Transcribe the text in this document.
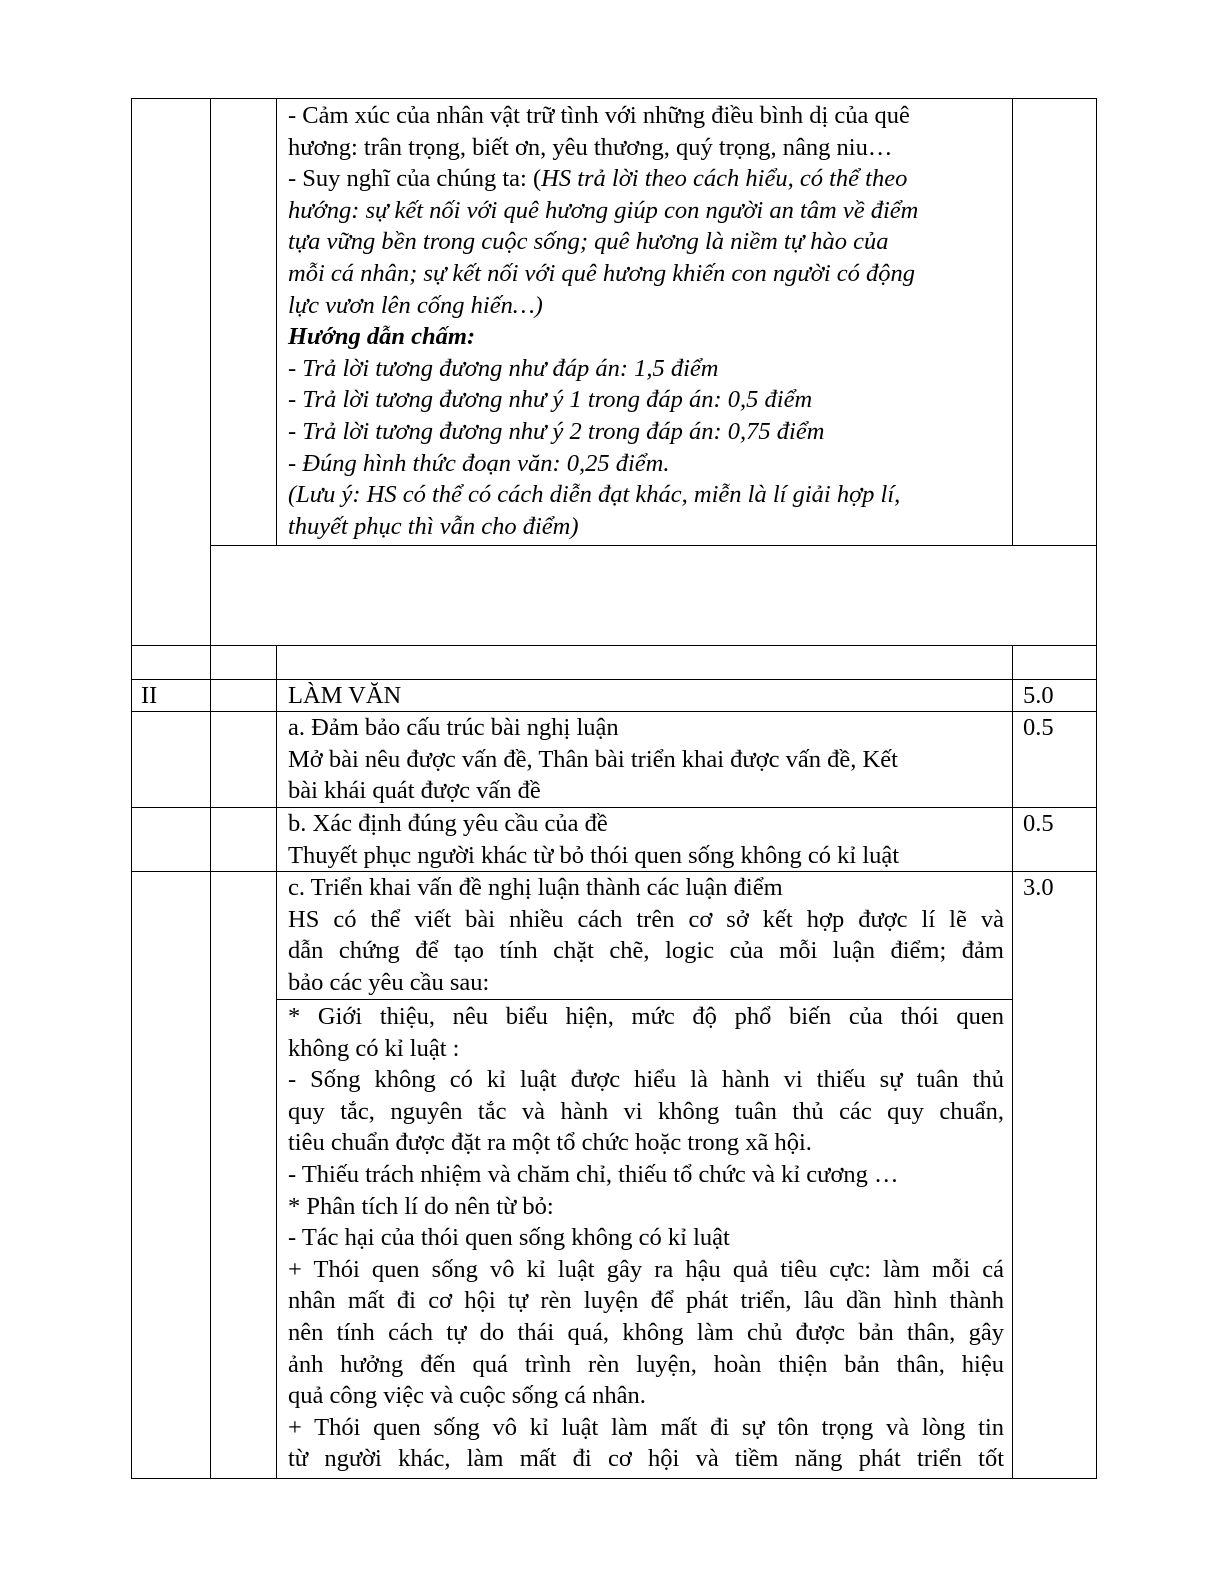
- Cảm xúc của nhân vật trữ tình với những điều bình dị của quê
hương: trân trọng, biết ơn, yêu thương, quý trọng, nâng niu…
- Suy nghĩ của chúng ta: (HS trả lời theo cách hiểu, có thể theo
hướng: sự kết nối với quê hương giúp con người an tâm về điểm
tựa vững bền trong cuộc sống; quê hương là niềm tự hào của
mỗi cá nhân; sự kết nối với quê hương khiến con người có động
lực vươn lên cống hiến…)
Hướng dẫn chấm:
- Trả lời tương đương như đáp án: 1,5 điểm
- Trả lời tương đương như ý 1 trong đáp án: 0,5 điểm
- Trả lời tương đương như ý 2 trong đáp án: 0,75 điểm
- Đúng hình thức đoạn văn: 0,25 điểm.
(Lưu ý: HS có thể có cách diễn đạt khác, miễn là lí giải hợp lí,
thuyết phục thì vẫn cho điểm)
II	LÀM VĂN	5.0
a. Đảm bảo cấu trúc bài nghị luận
Mở bài nêu được vấn đề, Thân bài triển khai được vấn đề, Kết
bài khái quát được vấn đề
0.5
b. Xác định đúng yêu cầu của đề
Thuyết phục người khác từ bỏ thói quen sống không có kỉ luật
0.5
c. Triển khai vấn đề nghị luận thành các luận điểm
HS có thể viết bài nhiều cách trên cơ sở kết hợp được lí lẽ và
dẫn chứng để tạo tính chặt chẽ, logic của mỗi luận điểm; đảm
bảo các yêu cầu sau:
3.0
* Giới thiệu, nêu biểu hiện, mức độ phổ biến của thói quen
không có kỉ luật :
- Sống không có kỉ luật được hiểu là hành vi thiếu sự tuân thủ
quy tắc, nguyên tắc và hành vi không tuân thủ các quy chuẩn,
tiêu chuẩn được đặt ra một tổ chức hoặc trong xã hội.
- Thiếu trách nhiệm và chăm chỉ, thiếu tổ chức và kỉ cương …
* Phân tích lí do nên từ bỏ:
- Tác hại của thói quen sống không có kỉ luật
+ Thói quen sống vô kỉ luật gây ra hậu quả tiêu cực: làm mỗi cá
nhân mất đi cơ hội tự rèn luyện để phát triển, lâu dần hình thành
nên tính cách tự do thái quá, không làm chủ được bản thân, gây
ảnh hưởng đến quá trình rèn luyện, hoàn thiện bản thân, hiệu
quả công việc và cuộc sống cá nhân.
+ Thói quen sống vô kỉ luật làm mất đi sự tôn trọng và lòng tin
từ người khác, làm mất đi cơ hội và tiềm năng phát triển tốt
